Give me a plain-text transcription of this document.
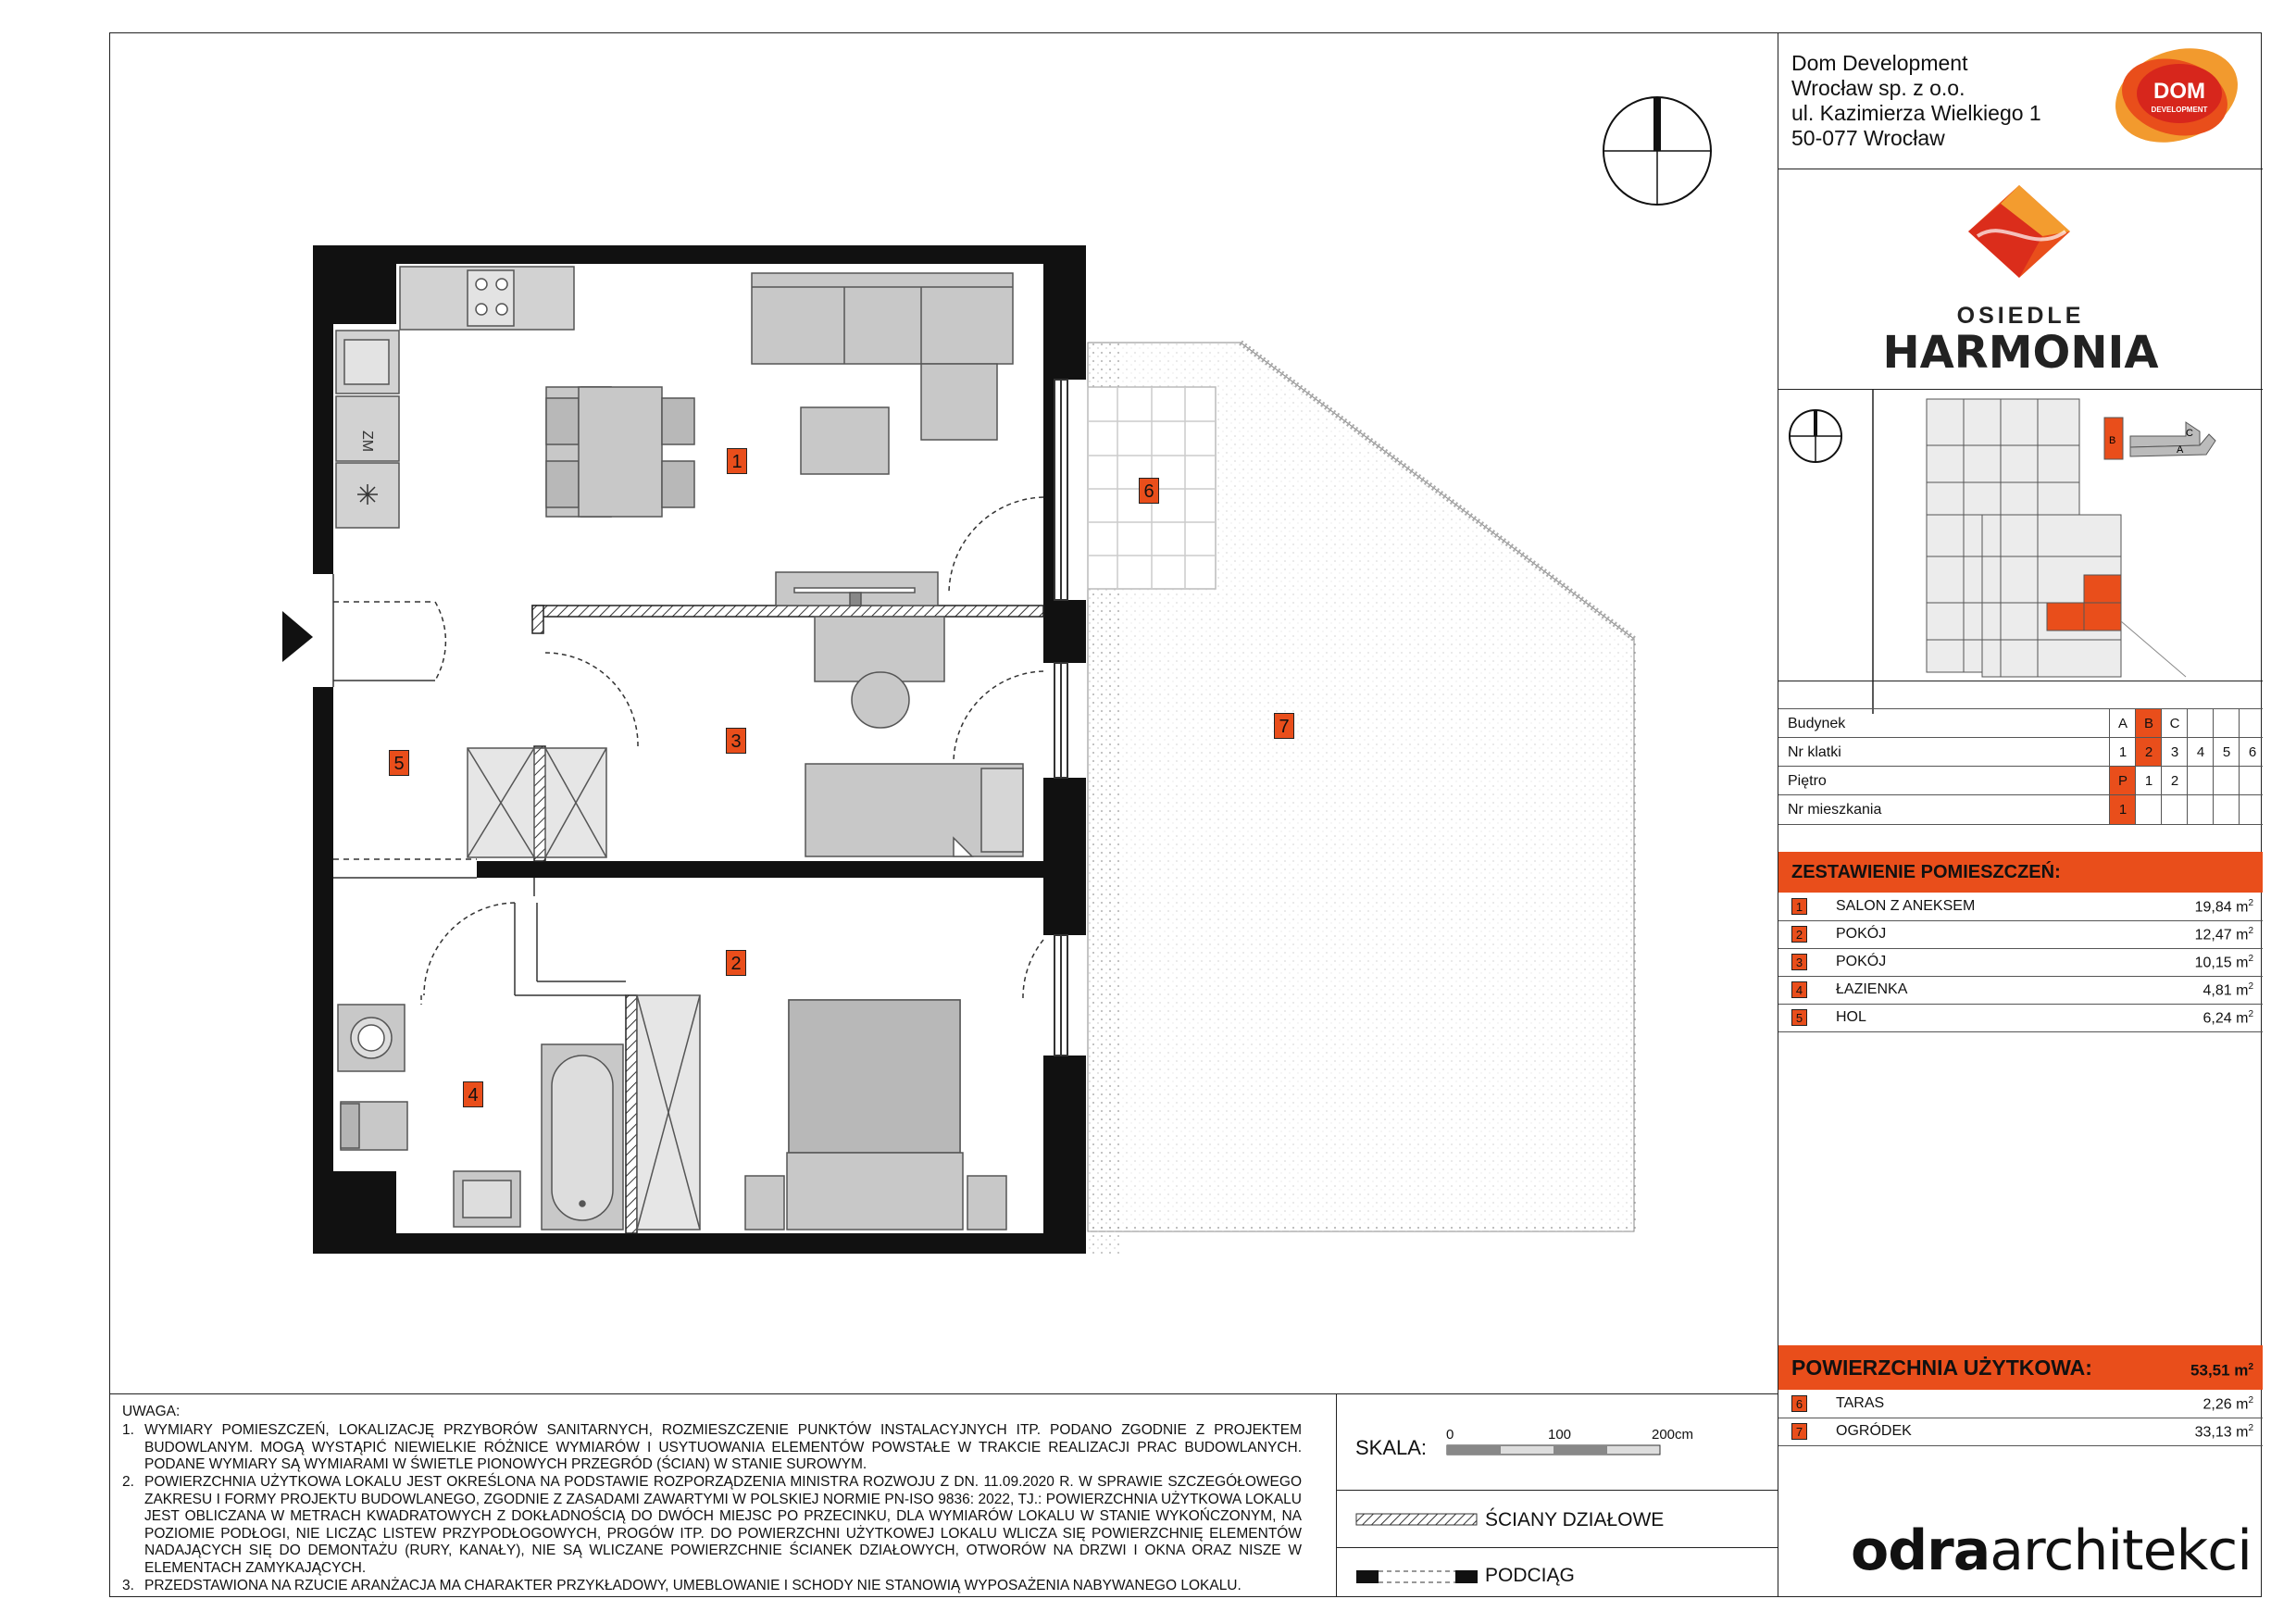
ZM
1
2
3
4
5
6
7
Dom Development
Wrocław sp. z o.o.
ul. Kazimierza Wielkiego 1
50-077 Wrocław
DOM
DEVELOPMENT
OSIEDLE
HARMONIA
B
A
C
Budynek	A	B	C
Nr klatki	1	2	3	4	5	6
Piętro	P	1	2
Nr mieszkania	1
ZESTAWIENIE POMIESZCZEŃ:
1	SALON Z ANEKSEM	19,84 $m^2$
2	POKÓJ	12,47 $m^2$
3	POKÓJ	10,15 $m^2$
4	ŁAZIENKA	4,81 $m^2$
5	HOL	6,24 $m^2$
POWIERZCHNIA UŻYTKOWA:	53,51 $m^2$
6	TARAS	2,26 $m^2$
7	OGRÓDEK	33,13 $m^2$
odraarchitekci
UWAGA:
1. WYMIARY POMIESZCZEŃ, LOKALIZACJĘ PRZYBORÓW SANITARNYCH, ROZMIESZCZENIE PUNKTÓW INSTALACYJNYCH ITP. PODANO ZGODNIE Z PROJEKTEM BUDOWLANYM. MOGĄ WYSTĄPIĆ NIEWIELKIE RÓŻNICE WYMIARÓW I USYTUOWANIA ELEMENTÓW POWSTAŁE W TRAKCIE REALIZACJI PRAC BUDOWLANYCH. PODANE WYMIARY SĄ WYMIARAMI W ŚWIETLE PIONOWYCH PRZEGRÓD (ŚCIAN) W STANIE SUROWYM.
2. POWIERZCHNIA UŻYTKOWA LOKALU JEST OKREŚLONA NA PODSTAWIE ROZPORZĄDZENIA MINISTRA ROZWOJU Z DN. 11.09.2020 R. W SPRAWIE SZCZEGÓŁOWEGO ZAKRESU I FORMY PROJEKTU BUDOWLANEGO, ZGODNIE Z ZASADAMI ZAWARTYMI W POLSKIEJ NORMIE PN-ISO 9836: 2022, TJ.: POWIERZCHNIA UŻYTKOWA LOKALU JEST OBLICZANA W METRACH KWADRATOWYCH Z DOKŁADNOŚCIĄ DO DWÓCH MIEJSC PO PRZECINKU, DLA WYMIARÓW LOKALU W STANIE WYKOŃCZONYM, NA POZIOMIE PODŁOGI, NIE LICZĄC LISTEW PRZYPODŁOGOWYCH, PROGÓW ITP. DO POWIERZCHNI UŻYTKOWEJ LOKALU WLICZA SIĘ POWIERZCHNIĘ ELEMENTÓW NADAJĄCYCH SIĘ DO DEMONTAŻU (RURY, KANAŁY), NIE SĄ WLICZANE POWIERZCHNIE ŚCIANEK DZIAŁOWYCH, OTWORÓW NA DRZWI I OKNA ORAZ NISZE W ELEMENTACH ZAMYKAJĄCYCH.
3. PRZEDSTAWIONA NA RZUCIE ARANŻACJA MA CHARAKTER PRZYKŁADOWY, UMEBLOWANIE I SCHODY NIE STANOWIĄ WYPOSAŻENIA NABYWANEGO LOKALU.
SKALA:
0	100	200cm
ŚCIANY DZIAŁOWE
PODCIĄG
